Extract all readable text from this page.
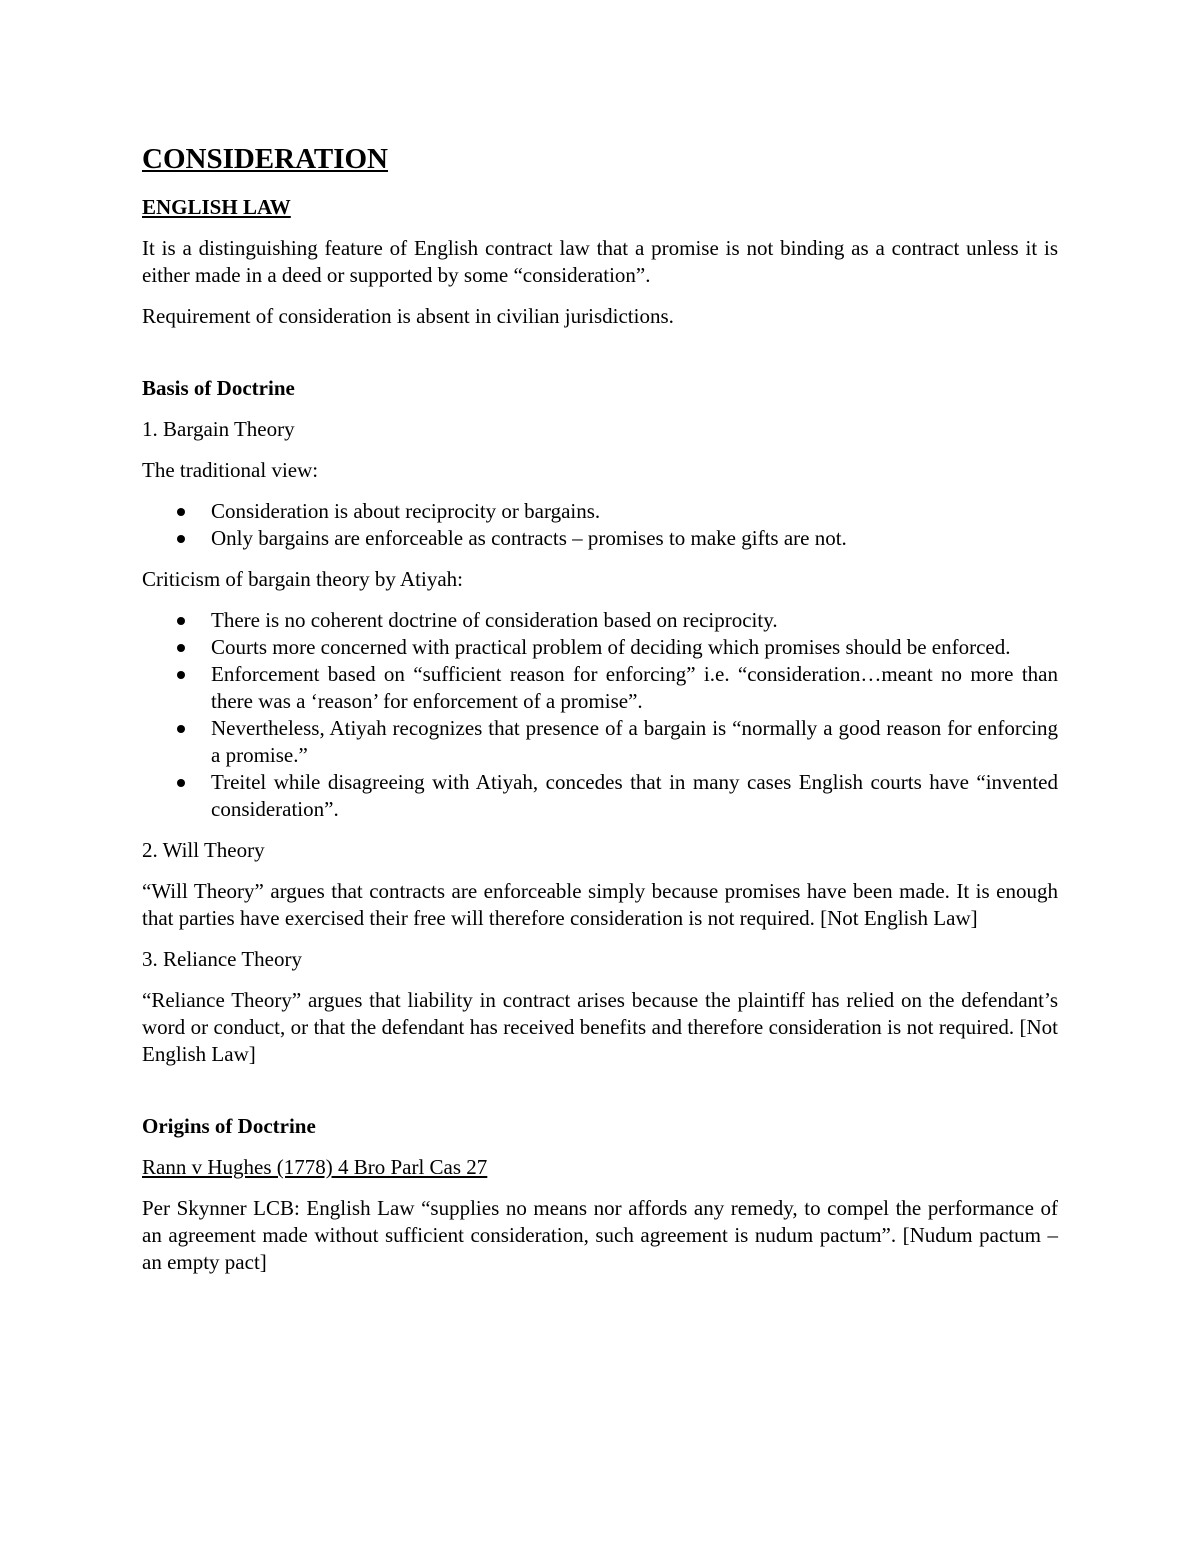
CONSIDERATION

ENGLISH LAW

It is a distinguishing feature of English contract law that a promise is not binding as a contract unless it is either made in a deed or supported by some “consideration”.

Requirement of consideration is absent in civilian jurisdictions.

Basis of Doctrine

1. Bargain Theory

The traditional view:

Consideration is about reciprocity or bargains.
Only bargains are enforceable as contracts – promises to make gifts are not.

Criticism of bargain theory by Atiyah:

There is no coherent doctrine of consideration based on reciprocity.
Courts more concerned with practical problem of deciding which promises should be enforced.
Enforcement based on “sufficient reason for enforcing” i.e. “consideration…meant no more than there was a ‘reason’ for enforcement of a promise”.
Nevertheless, Atiyah recognizes that presence of a bargain is “normally a good reason for enforcing a promise.”
Treitel while disagreeing with Atiyah, concedes that in many cases English courts have “invented consideration”.

2. Will Theory

“Will Theory” argues that contracts are enforceable simply because promises have been made. It is enough that parties have exercised their free will therefore consideration is not required. [Not English Law]

3. Reliance Theory

“Reliance Theory” argues that liability in contract arises because the plaintiff has relied on the defendant’s word or conduct, or that the defendant has received benefits and therefore consideration is not required. [Not English Law]

Origins of Doctrine

Rann v Hughes (1778) 4 Bro Parl Cas 27

Per Skynner LCB: English Law “supplies no means nor affords any remedy, to compel the performance of an agreement made without sufficient consideration, such agreement is nudum pactum”. [Nudum pactum – an empty pact]
